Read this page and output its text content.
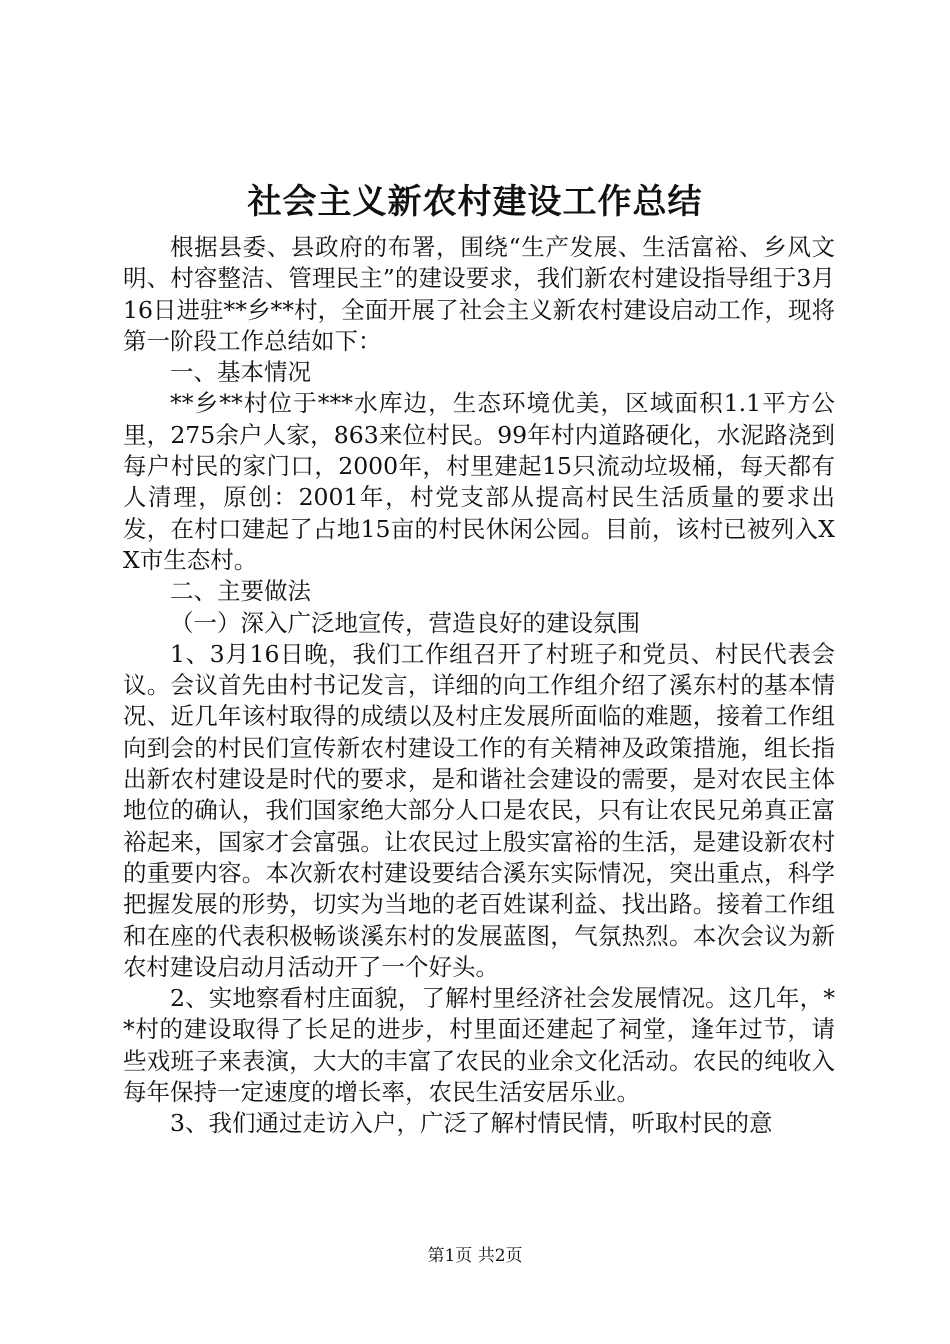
社会主义新农村建设工作总结

根据县委、县政府的布署，围绕“生产发展、生活富裕、乡风文明、村容整洁、管理民主”的建设要求，我们新农村建设指导组于3月16日进驻**乡**村，全面开展了社会主义新农村建设启动工作，现将第一阶段工作总结如下：

一、基本情况

**乡**村位于***水库边，生态环境优美，区域面积1.1平方公里，275余户人家，863来位村民。99年村内道路硬化，水泥路浇到每户村民的家门口，2000年，村里建起15只流动垃圾桶，每天都有人清理，原创：2001年，村党支部从提高村民生活质量的要求出发，在村口建起了占地15亩的村民休闲公园。目前，该村已被列入XX市生态村。

二、主要做法

（一）深入广泛地宣传，营造良好的建设氛围

1、3月16日晚，我们工作组召开了村班子和党员、村民代表会议。会议首先由村书记发言，详细的向工作组介绍了溪东村的基本情况、近几年该村取得的成绩以及村庄发展所面临的难题，接着工作组向到会的村民们宣传新农村建设工作的有关精神及政策措施，组长指出新农村建设是时代的要求，是和谐社会建设的需要，是对农民主体地位的确认，我们国家绝大部分人口是农民，只有让农民兄弟真正富裕起来，国家才会富强。让农民过上殷实富裕的生活，是建设新农村的重要内容。本次新农村建设要结合溪东实际情况，突出重点，科学把握发展的形势，切实为当地的老百姓谋利益、找出路。接着工作组和在座的代表积极畅谈溪东村的发展蓝图，气氛热烈。本次会议为新农村建设启动月活动开了一个好头。

2、实地察看村庄面貌，了解村里经济社会发展情况。这几年，**村的建设取得了长足的进步，村里面还建起了祠堂，逢年过节，请些戏班子来表演，大大的丰富了农民的业余文化活动。农民的纯收入每年保持一定速度的增长率，农民生活安居乐业。

3、我们通过走访入户，广泛了解村情民情，听取村民的意

第1页 共2页
